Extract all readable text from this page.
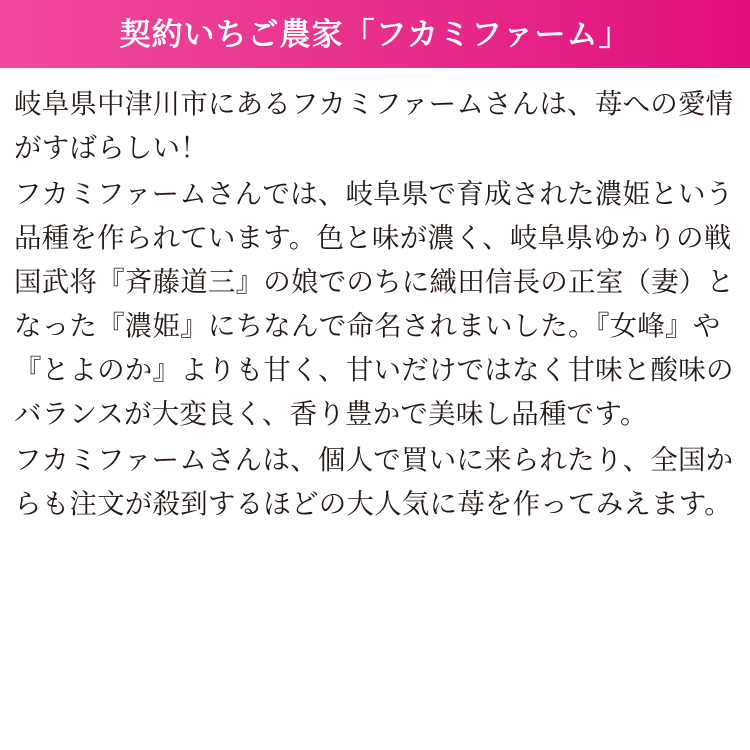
契約いちご農家「フカミファーム」

岐阜県中津川市にあるフカミファームさんは、苺への愛情がすばらしい！

フカミファームさんでは、岐阜県で育成された濃姫という品種を作られています。色と味が濃く、岐阜県ゆかりの戦国武将『斉藤道三』の娘でのちに織田信長の正室（妻）となった『濃姫』にちなんで命名されまいした。『女峰』や『とよのか』よりも甘く、甘いだけではなく甘味と酸味のバランスが大変良く、香り豊かで美味し品種です。

フカミファームさんは、個人で買いに来られたり、全国からも注文が殺到するほどの大人気に苺を作ってみえます。
